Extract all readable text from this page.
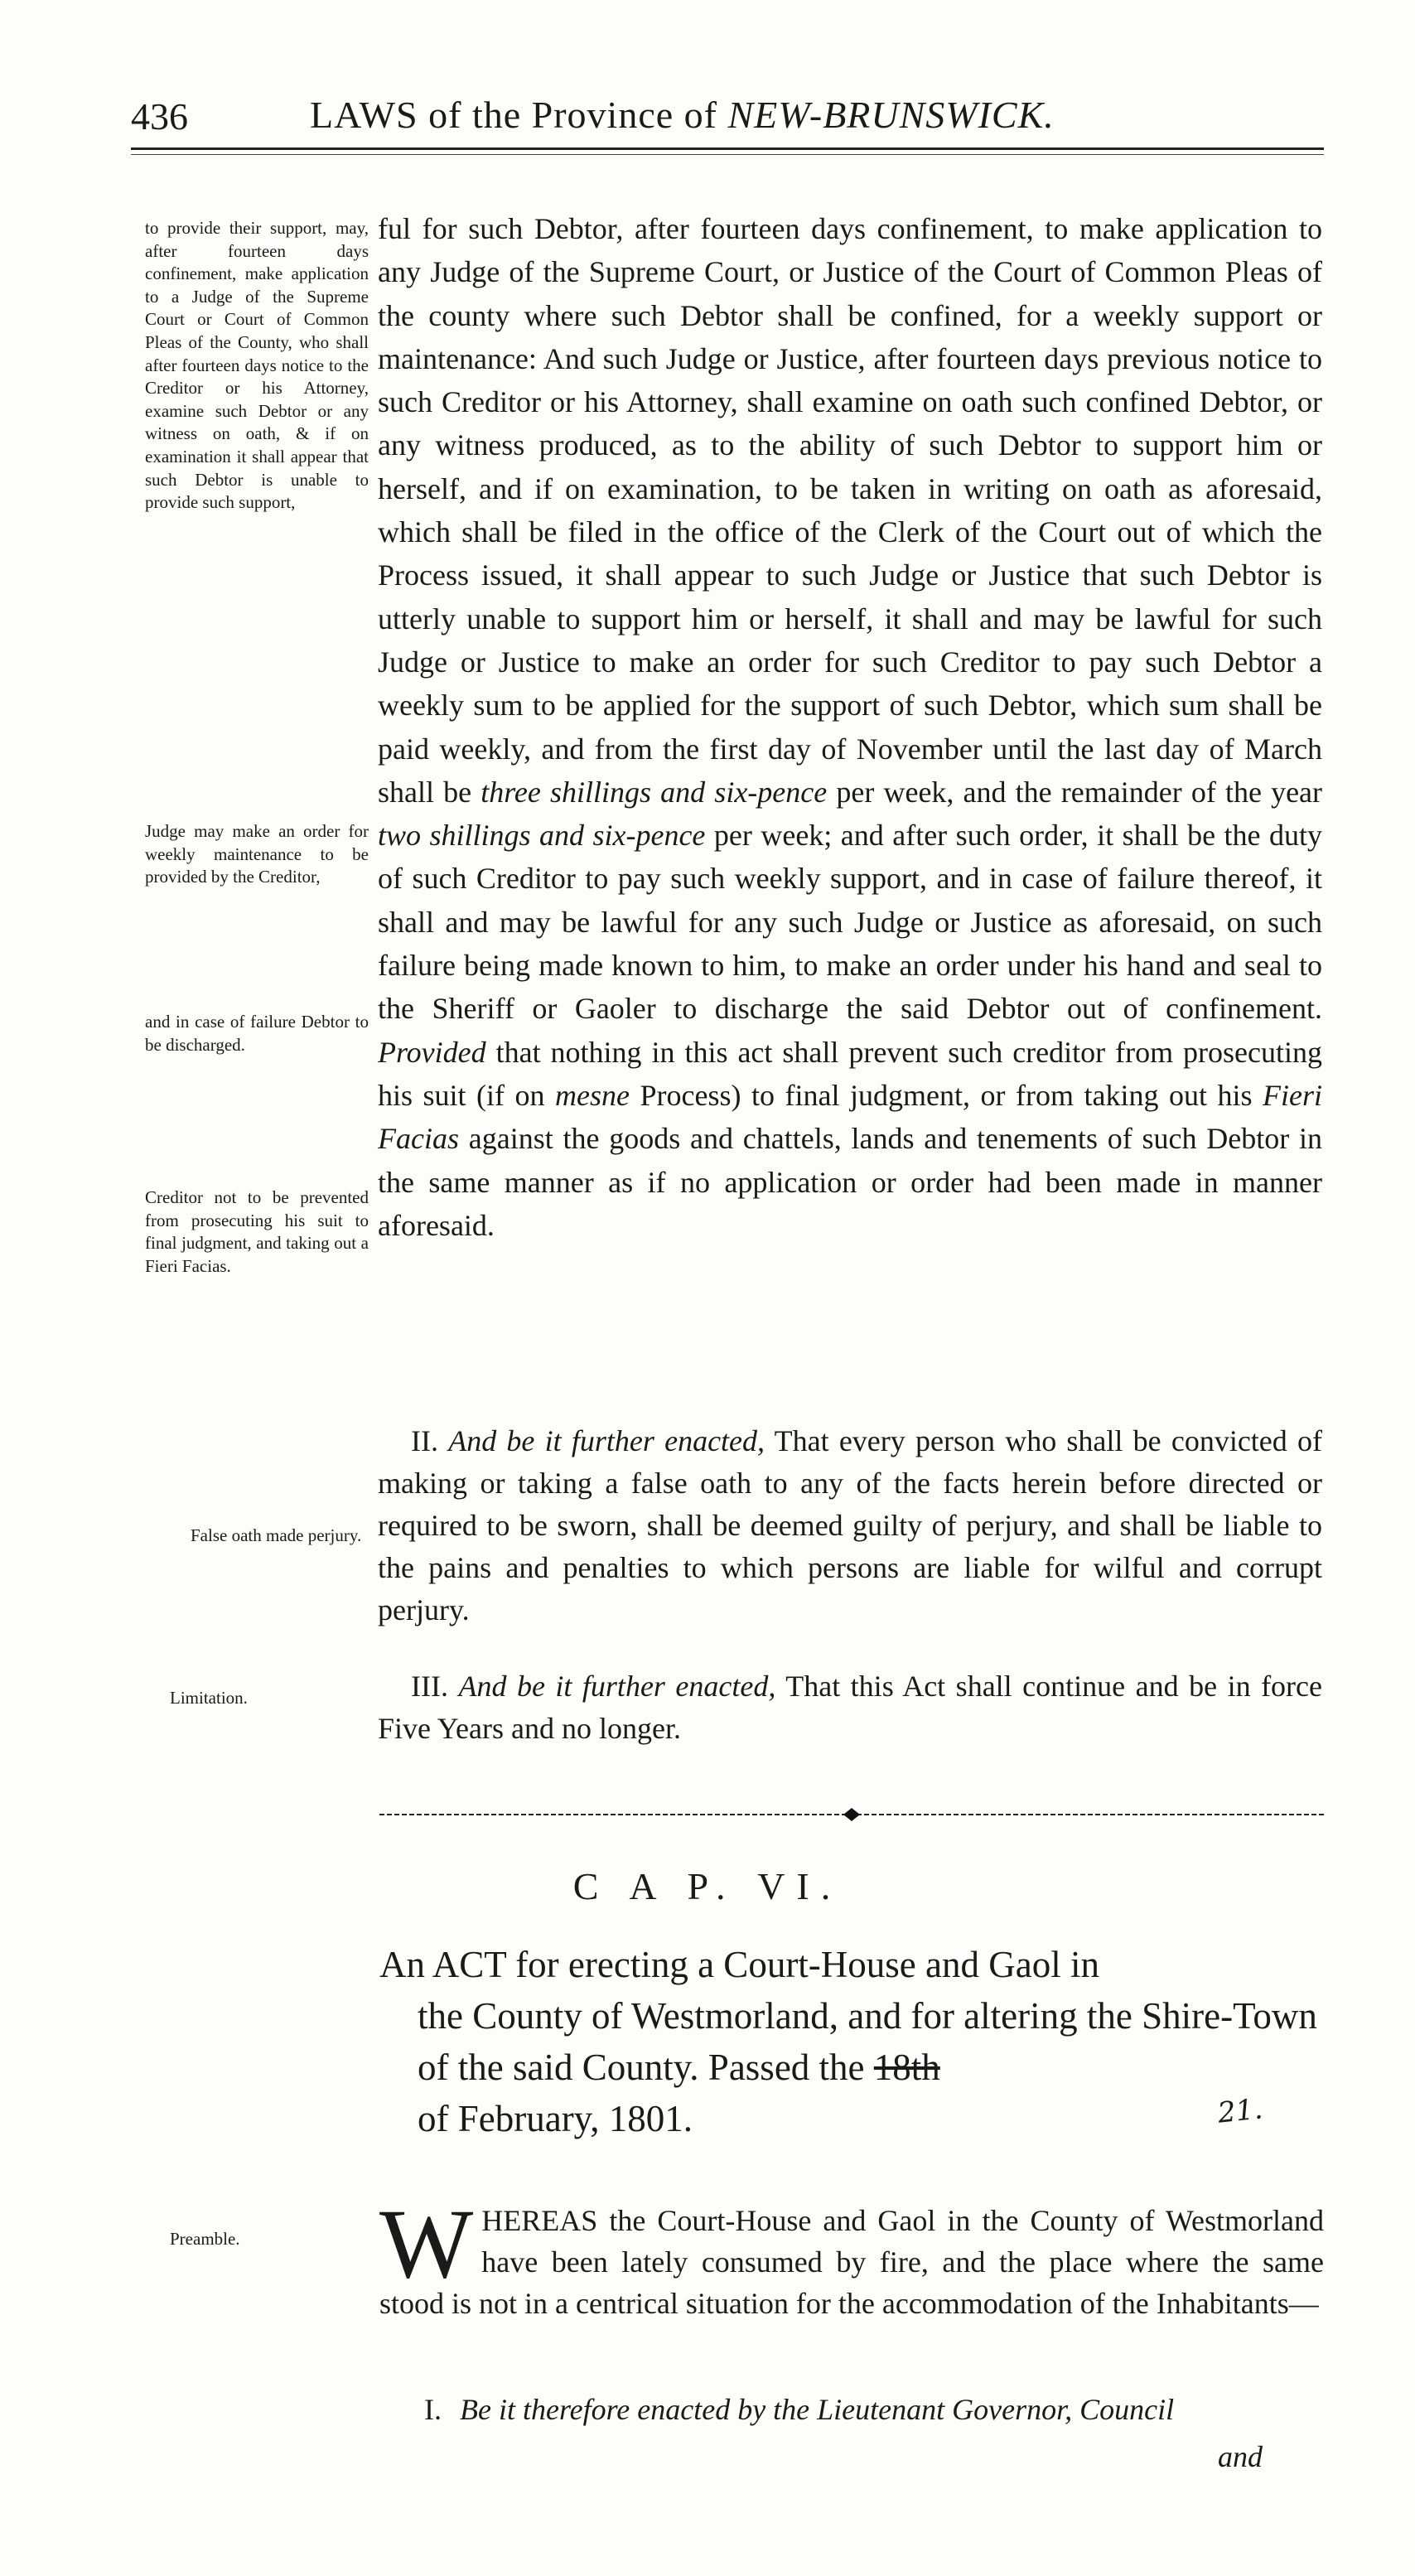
436	LAWS of the Province of NEW-BRUNSWICK.
to provide their support, may, after fourteen days confinement, make application to a Judge of the Supreme Court or Court of Common Pleas of the County, who shall after fourteen days notice to the Creditor or his Attorney, examine such Debtor or any witness on oath, & if on examination it shall appear that such Debtor is unable to provide such support,
Judge may make an order for weekly maintenance to be provided by the Creditor,
and in case of failure Debtor to be discharged.
Creditor not to be prevented from prosecuting his suit to final judgment, and taking out a Fieri Facias.
False oath made perjury.
Limitation.
ful for such Debtor, after fourteen days confinement, to make application to any Judge of the Supreme Court, or Justice of the Court of Common Pleas of the county where such Debtor shall be confined, for a weekly support or maintenance: And such Judge or Justice, after fourteen days previous notice to such Creditor or his Attorney, shall examine on oath such confined Debtor, or any witness produced, as to the ability of such Debtor to support him or herself, and if on examination, to be taken in writing on oath as aforesaid, which shall be filed in the office of the Clerk of the Court out of which the Process issued, it shall appear to such Judge or Justice that such Debtor is utterly unable to support him or herself, it shall and may be lawful for such Judge or Justice to make an order for such Creditor to pay such Debtor a weekly sum to be applied for the support of such Debtor, which sum shall be paid weekly, and from the first day of November until the last day of March shall be three shillings and six-pence per week, and the remainder of the year two shillings and six-pence per week; and after such order, it shall be the duty of such Creditor to pay such weekly support, and in case of failure thereof, it shall and may be lawful for any such Judge or Justice as aforesaid, on such failure being made known to him, to make an order under his hand and seal to the Sheriff or Gaoler to discharge the said Debtor out of confinement. Provided that nothing in this act shall prevent such creditor from prosecuting his suit (if on mesne Process) to final judgment, or from taking out his Fieri Facias against the goods and chattels, lands and tenements of such Debtor in the same manner as if no application or order had been made in manner aforesaid.
II. And be it further enacted, That every person who shall be convicted of making or taking a false oath to any of the facts herein before directed or required to be sworn, shall be deemed guilty of perjury, and shall be liable to the pains and penalties to which persons are liable for wilful and corrupt perjury.
III. And be it further enacted, That this Act shall continue and be in force Five Years and no longer.
C A P. VI.
An ACT for erecting a Court-House and Gaol in
the County of Westmorland, and for altering the Shire-Town of the said County. Passed the 18th
of February, 1801.	21.
Preamble.	WHEREAS the Court-House and Gaol in the County of Westmorland have been lately consumed by fire, and the place where the same stood is not in a centrical situation for the accommodation of the Inhabitants—
I. Be it therefore enacted by the Lieutenant Governor, Council
and
